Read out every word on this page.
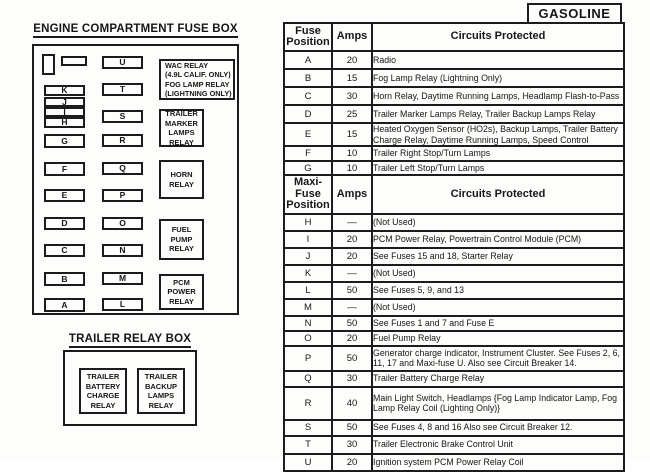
GASOLINE
ENGINE COMPARTMENT FUSE BOX
K
J
I
H
G
F
E
D
C
B
A
U
T
S
R
Q
P
O
N
M
L
WAC RELAY
(4.9L CALIF. ONLY)
FOG LAMP RELAY
(LIGHTNING ONLY)
TRAILER
MARKER
LAMPS
RELAY
HORN
RELAY
FUEL
PUMP
RELAY
PCM
POWER
RELAY
TRAILER RELAY BOX
TRAILER
BATTERY
CHARGE
RELAY
TRAILER
BACKUP
LAMPS
RELAY
Fuse Position	Amps	Circuits Protected
A	20	Radio
B	15	Fog Lamp Relay (Lightning Only)
C	30	Horn Relay, Daytime Running Lamps, Headlamp Flash-to-Pass
D	25	Trailer Marker Lamps Relay, Trailer Backup Lamps Relay
E	15	Heated Oxygen Sensor (HO2s), Backup Lamps, Trailer Battery Charge Relay, Daytime Running Lamps, Speed Control
F	10	Trailer Right Stop/Turn Lamps
G	10	Trailer Left Stop/Turn Lamps
Maxi-Fuse Position	Amps	Circuits Protected
H	—	(Not Used)
I	20	PCM Power Relay, Powertrain Control Module (PCM)
J	20	See Fuses 15 and 18, Starter Relay
K	—	(Not Used)
L	50	See Fuses 5, 9, and 13
M	—	(Not Used)
N	50	See Fuses 1 and 7 and Fuse E
O	20	Fuel Pump Relay
P	50	Generator charge indicator, Instrument Cluster. See Fuses 2, 6, 11, 17 and Maxi-fuse U. Also see Circuit Breaker 14.
Q	30	Trailer Battery Charge Relay
R	40	Main Light Switch, Headlamps {Fog Lamp Indicator Lamp, Fog Lamp Relay Coil (Lighting Only)}
S	50	See Fuses 4, 8 and 16 Also see Circuit Breaker 12.
T	30	Trailer Electronic Brake Control Unit
U	20	Ignition system PCM Power Relay Coil
